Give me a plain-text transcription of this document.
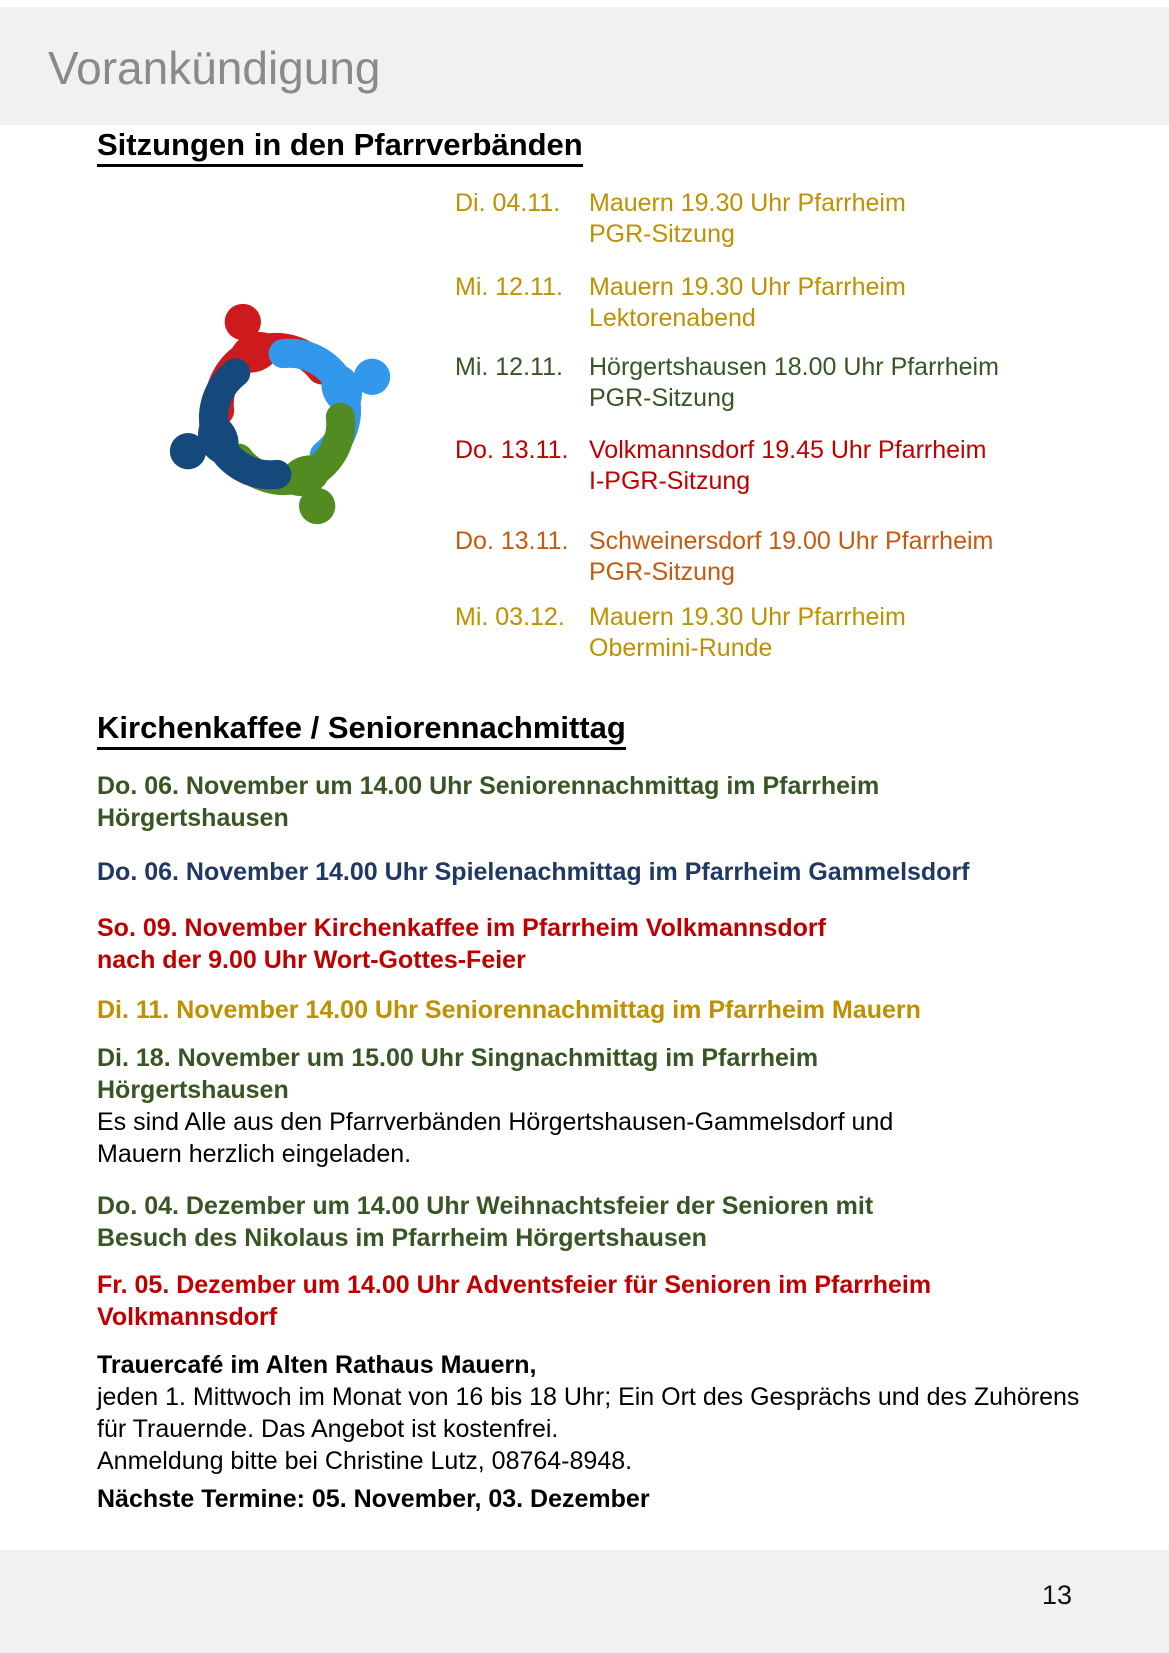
Vorankündigung
Sitzungen in den Pfarrverbänden
Di. 04.11.	Mauern 19.30 Uhr Pfarrheim
PGR-Sitzung
Mi. 12.11.	Mauern 19.30 Uhr Pfarrheim
Lektorenabend
Mi. 12.11.	Hörgertshausen 18.00 Uhr Pfarrheim
PGR-Sitzung
Do. 13.11. Volkmannsdorf 19.45 Uhr Pfarrheim
I-PGR-Sitzung
Do. 13.11. Schweinersdorf 19.00 Uhr Pfarrheim
PGR-Sitzung
Mi. 03.12. Mauern 19.30 Uhr Pfarrheim
Obermini-Runde
Kirchenkaffee / Seniorennachmittag
Do. 06. November um 14.00 Uhr Seniorennachmittag im Pfarrheim
Hörgertshausen
Do. 06. November 14.00 Uhr Spielenachmittag im Pfarrheim Gammelsdorf
So. 09. November Kirchenkaffee im Pfarrheim Volkmannsdorf
nach der 9.00 Uhr Wort-Gottes-Feier
Di. 11. November 14.00 Uhr Seniorennachmittag im Pfarrheim Mauern
Di. 18. November um 15.00 Uhr Singnachmittag im Pfarrheim
Hörgertshausen
Es sind Alle aus den Pfarrverbänden Hörgertshausen-Gammelsdorf und
Mauern herzlich eingeladen.
Do. 04. Dezember um 14.00 Uhr Weihnachtsfeier der Senioren mit
Besuch des Nikolaus im Pfarrheim Hörgertshausen
Fr. 05. Dezember um 14.00 Uhr Adventsfeier für Senioren im Pfarrheim
Volkmannsdorf
Trauercafé im Alten Rathaus Mauern,
jeden 1. Mittwoch im Monat von 16 bis 18 Uhr; Ein Ort des Gesprächs und des Zuhörens
für Trauernde. Das Angebot ist kostenfrei.
Anmeldung bitte bei Christine Lutz, 08764-8948.
Nächste Termine: 05. November, 03. Dezember
13
